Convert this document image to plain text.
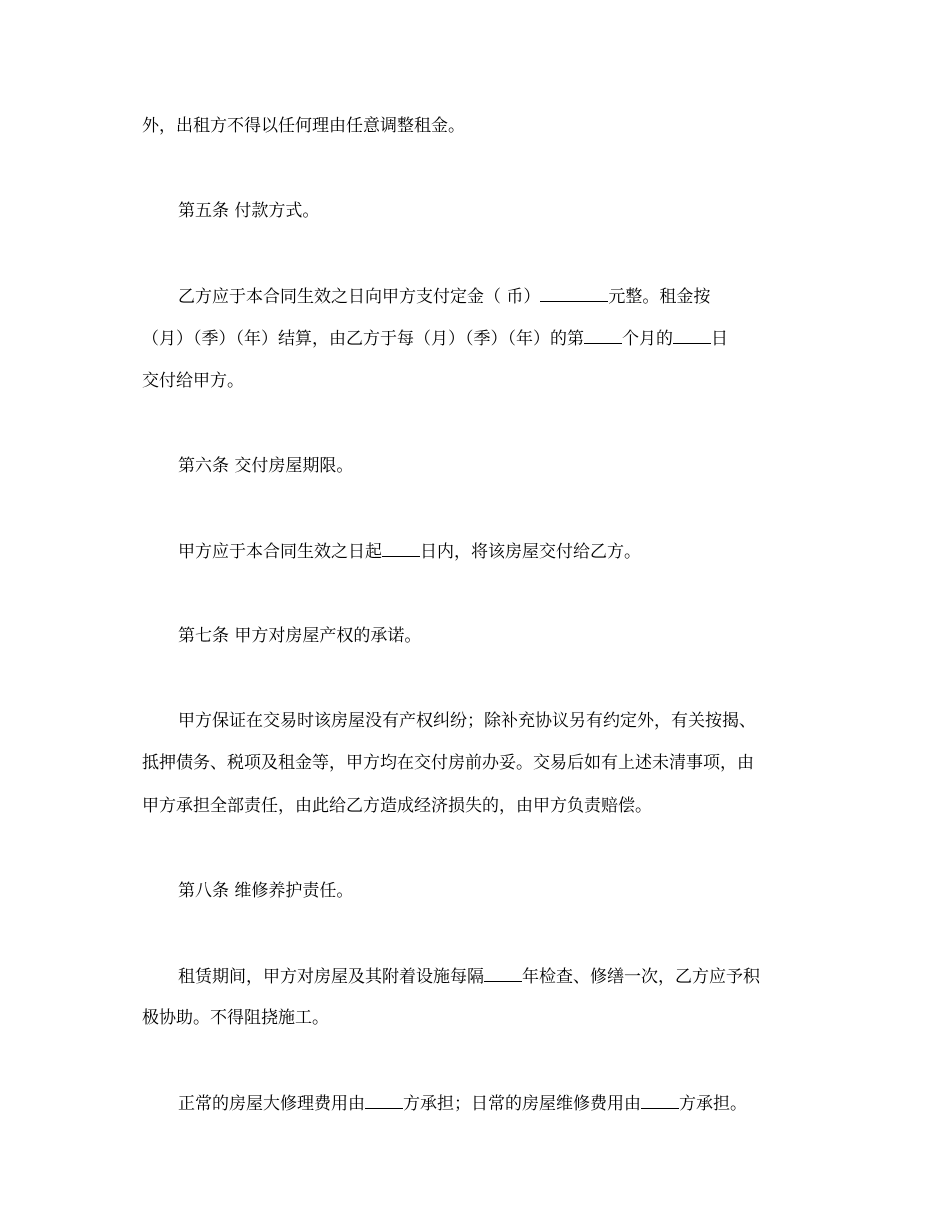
外，出租方不得以任何理由任意调整租金。
第五条 付款方式。
乙方应于本合同生效之日向甲方支付定金（ 币）	元整。租金按
（月）（季）（年）结算，由乙方于每（月）（季）（年）的第 个月的 日
交付给甲方。
第六条 交付房屋期限。
甲方应于本合同生效之日起 日内，将该房屋交付给乙方。
第七条 甲方对房屋产权的承诺。
甲方保证在交易时该房屋没有产权纠纷；除补充协议另有约定外，有关按揭、
抵押债务、税项及租金等，甲方均在交付房前办妥。交易后如有上述未清事项，由
甲方承担全部责任，由此给乙方造成经济损失的，由甲方负责赔偿。
第八条 维修养护责任。
租赁期间，甲方对房屋及其附着设施每隔 年检查、修缮一次，乙方应予积
极协助。不得阻挠施工。
正常的房屋大修理费用由 方承担；日常的房屋维修费用由 方承担。
